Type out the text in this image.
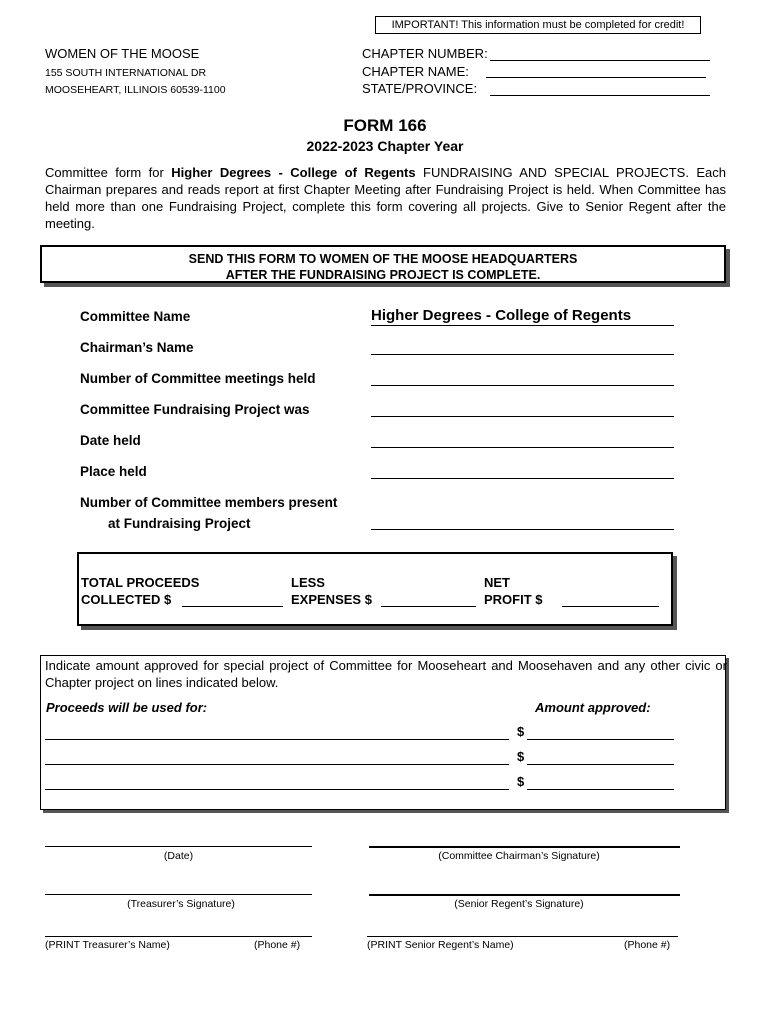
IMPORTANT! This information must be completed for credit!
WOMEN OF THE MOOSE
155 SOUTH INTERNATIONAL DR
MOOSEHEART, ILLINOIS 60539-1100
CHAPTER NUMBER:
CHAPTER NAME:
STATE/PROVINCE:
FORM 166
2022-2023 Chapter Year
Committee form for Higher Degrees - College of Regents FUNDRAISING AND SPECIAL PROJECTS. Each Chairman prepares and reads report at first Chapter Meeting after Fundraising Project is held. When Committee has held more than one Fundraising Project, complete this form covering all projects. Give to Senior Regent after the meeting.
SEND THIS FORM TO WOMEN OF THE MOOSE HEADQUARTERS
AFTER THE FUNDRAISING PROJECT IS COMPLETE.
Committee Name	Higher Degrees - College of Regents
Chairman’s Name
Number of Committee meetings held
Committee Fundraising Project was
Date held
Place held
Number of Committee members present
at Fundraising Project
TOTAL PROCEEDS
COLLECTED $
LESS
EXPENSES $
NET
PROFIT $
Indicate amount approved for special project of Committee for Mooseheart and Moosehaven and any other civic or Chapter project on lines indicated below.
Proceeds will be used for:	Amount approved:
$
$
$
(Date)	(Committee Chairman’s Signature)
(Treasurer’s Signature)	(Senior Regent’s Signature)
(PRINT Treasurer’s Name)	(Phone #)	(PRINT Senior Regent’s Name)	(Phone #)
